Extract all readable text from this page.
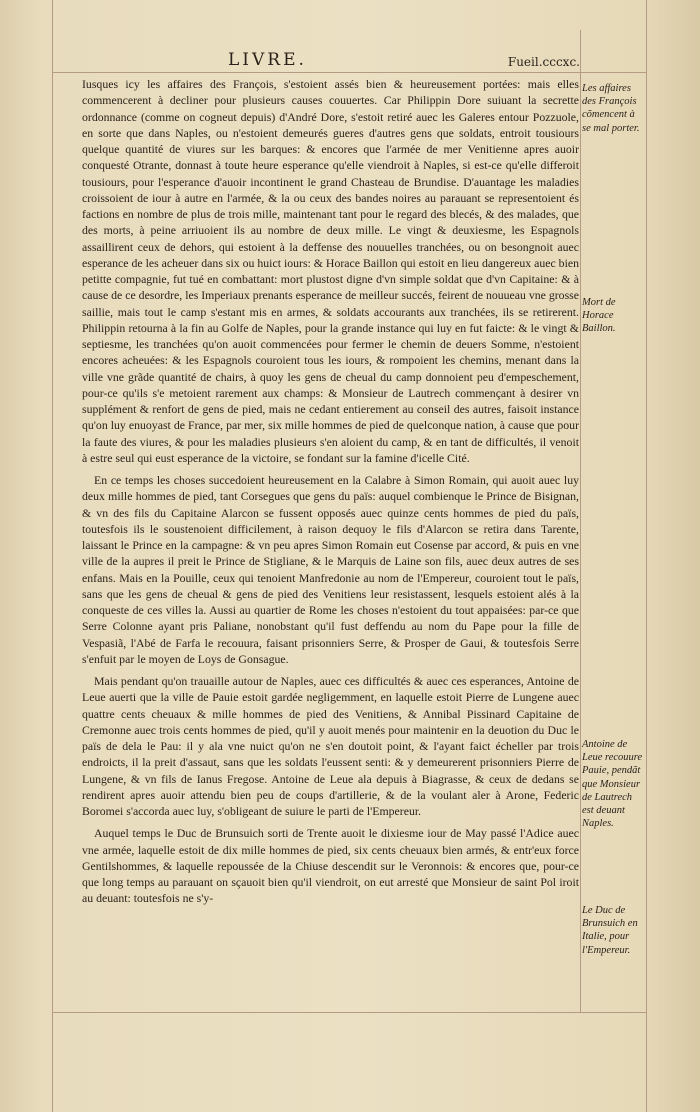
LIVRE.	Fueil.cccxc.

Iusques icy les affaires des François, s'estoient assés bien & heureusement portées: mais elles commencerent à decliner pour plusieurs causes couuertes. Car Philippin Dore suiuant la secrette ordonnance (comme on cogneut depuis) d'André Dore, s'estoit retiré auec les Galeres entour Pozzuole, en sorte que dans Naples, ou n'estoient demeurés gueres d'autres gens que soldats, entroit tousiours quelque quantité de viures sur les barques: & encores que l'armée de mer Venitienne apres auoir conquesté Otrante, donnast à toute heure esperance qu'elle viendroit à Naples, si est-ce qu'elle differoit tousiours, pour l'esperance d'auoir incontinent le grand Chasteau de Brundise. D'auantage les maladies croissoient de iour à autre en l'armée, & la ou ceux des bandes noires au parauant se representoient és factions en nombre de plus de trois mille, maintenant tant pour le regard des blecés, & des malades, que des morts, à peine arriuoient ils au nombre de deux mille. Le vingt & deuxiesme, les Espagnols assaillirent ceux de dehors, qui estoient à la deffense des nouuelles tranchées, ou on besongnoit auec esperance de les acheuer dans six ou huict iours: & Horace Baillon qui estoit en lieu dangereux auec bien petitte compagnie, fut tué en combattant: mort plustost digne d'vn simple soldat que d'vn Capitaine: & à cause de ce desordre, les Imperiaux prenants esperance de meilleur succés, feirent de nouueau vne grosse saillie, mais tout le camp s'estant mis en armes, & soldats accourants aux tranchées, ils se retirerent. Philippin retourna à la fin au Golfe de Naples, pour la grande instance qui luy en fut faicte: & le vingt & septiesme, les tranchées qu'on auoit commencées pour fermer le chemin de deuers Somme, n'estoient encores acheuées: & les Espagnols couroient tous les iours, & rompoient les chemins, menant dans la ville vne grãde quantité de chairs, à quoy les gens de cheual du camp donnoient peu d'empeschement, pour-ce qu'ils s'e metoient rarement aux champs: & Monsieur de Lautrech commençant à desirer vn supplément & renfort de gens de pied, mais ne cedant entierement au conseil des autres, faisoit instance qu'on luy enuoyast de France, par mer, six mille hommes de pied de quelconque nation, à cause que pour la faute des viures, & pour les maladies plusieurs s'en aloient du camp, & en tant de difficultés, il venoit à estre seul qui eust esperance de la victoire, se fondant sur la famine d'icelle Cité.

En ce temps les choses succedoient heureusement en la Calabre à Simon Romain, qui auoit auec luy deux mille hommes de pied, tant Corsegues que gens du païs: auquel combienque le Prince de Bisignan, & vn des fils du Capitaine Alarcon se fussent opposés auec quinze cents hommes de pied du païs, toutesfois ils le soustenoient difficilement, à raison dequoy le fils d'Alarcon se retira dans Tarente, laissant le Prince en la campagne: & vn peu apres Simon Romain eut Cosense par accord, & puis en vne ville de la aupres il preit le Prince de Stigliane, & le Marquis de Laine son fils, auec deux autres de ses enfans. Mais en la Pouille, ceux qui tenoient Manfredonie au nom de l'Empereur, couroient tout le païs, sans que les gens de cheual & gens de pied des Venitiens leur resistassent, lesquels estoient alés à la conqueste de ces villes la. Aussi au quartier de Rome les choses n'estoient du tout appaisées: par-ce que Serre Colonne ayant pris Paliane, nonobstant qu'il fust deffendu au nom du Pape pour la fille de Vespasiã, l'Abé de Farfa le recouura, faisant prisonniers Serre, & Prosper de Gaui, & toutesfois Serre s'enfuit par le moyen de Loys de Gonsague.

Mais pendant qu'on trauaille autour de Naples, auec ces difficultés & auec ces esperances, Antoine de Leue auerti que la ville de Pauie estoit gardée negligemment, en laquelle estoit Pierre de Lungene auec quattre cents cheuaux & mille hommes de pied des Venitiens, & Annibal Pissinard Capitaine de Cremonne auec trois cents hommes de pied, qu'il y auoit menés pour maintenir en la deuotion du Duc le païs de dela le Pau: il y ala vne nuict qu'on ne s'en doutoit point, & l'ayant faict écheller par trois endroicts, il la preit d'assaut, sans que les soldats l'eussent senti: & y demeurerent prisonniers Pierre de Lungene, & vn fils de Ianus Fregose. Antoine de Leue ala depuis à Biagrasse, & ceux de dedans se rendirent apres auoir attendu bien peu de coups d'artillerie, & de la voulant aler à Arone, Federic Boromei s'accorda auec luy, s'obligeant de suiure le parti de l'Empereur.

Auquel temps le Duc de Brunsuich sorti de Trente auoit le dixiesme iour de May passé l'Adice auec vne armée, laquelle estoit de dix mille hommes de pied, six cents cheuaux bien armés, & entr'eux force Gentilshommes, & laquelle repoussée de la Chiuse descendit sur le Veronnois: & encores que, pour-ce que long temps au parauant on sçauoit bien qu'il viendroit, on eut arresté que Monsieur de saint Pol iroit au deuant: toutesfois ne s'y-

Les affaires des François cõmencent à se mal porter.
Mort de Horace Baillon.
Antoine de Leue recouure Pauie, pendãt que Monsieur de Lautrech est deuant Naples.
Le Duc de Brunsuich en Italie, pour l'Empereur.
